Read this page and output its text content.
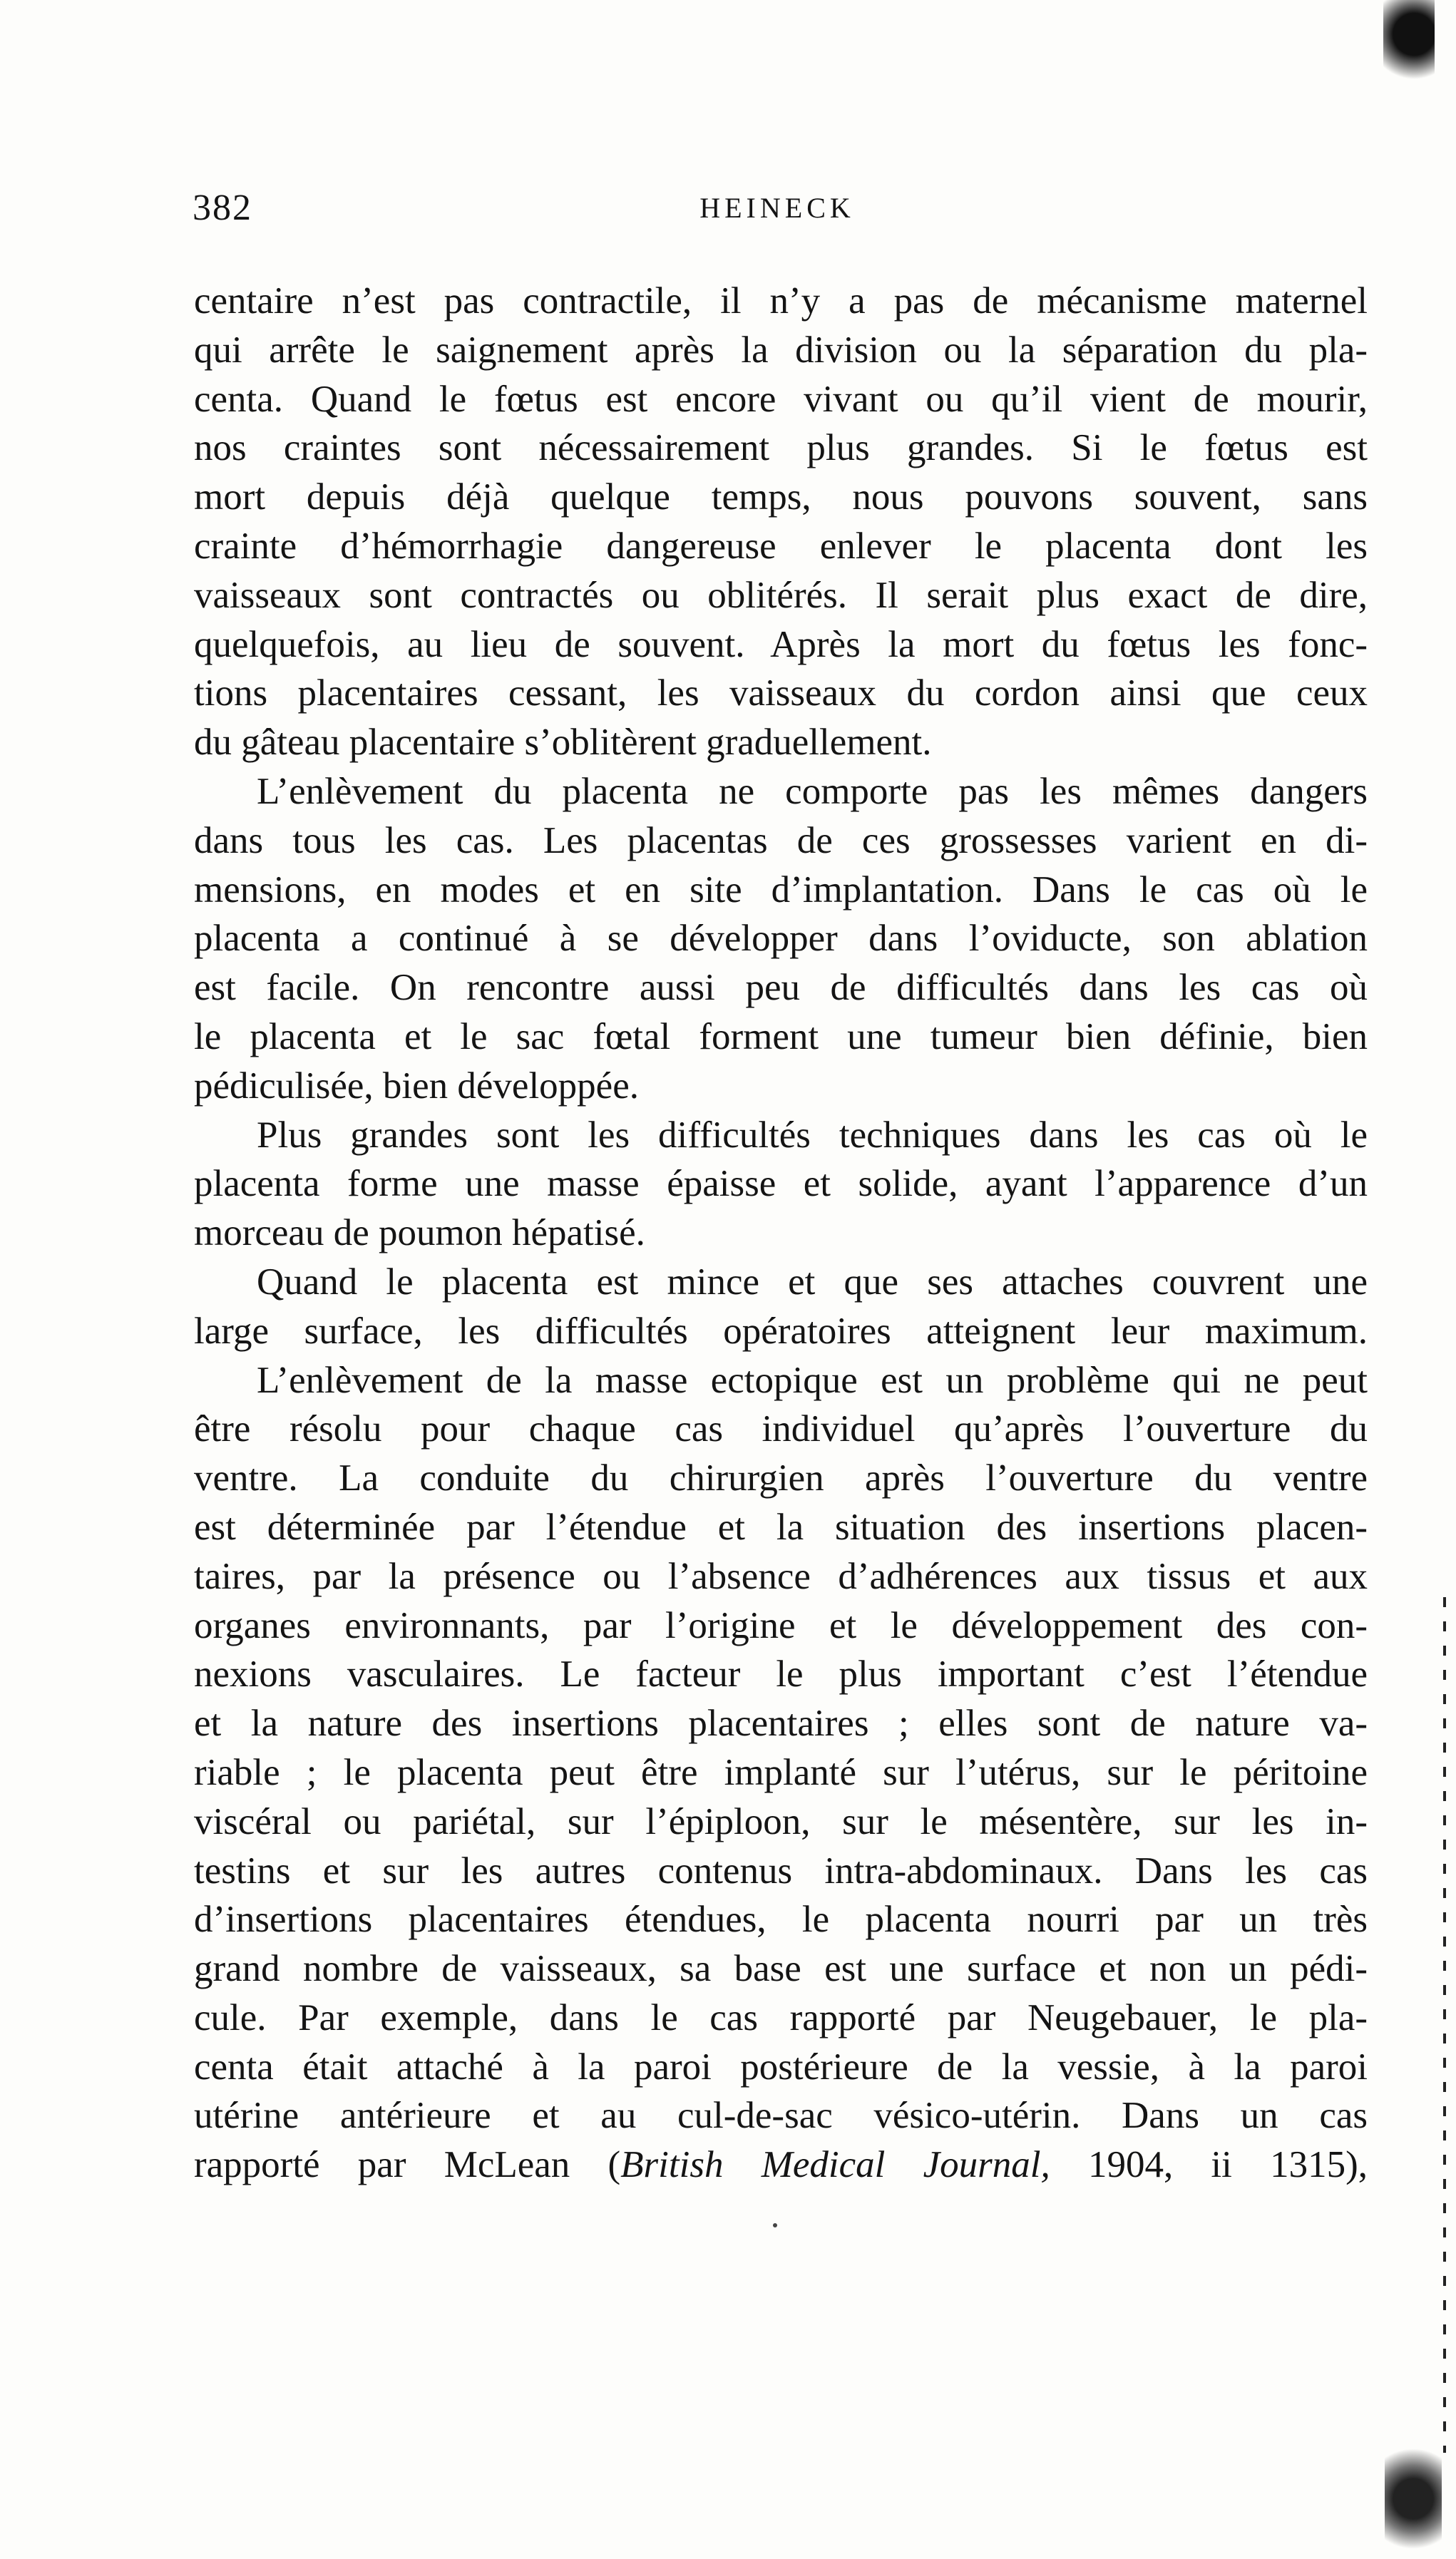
382	HEINECK
centaire n’est pas contractile, il n’y a pas de mécanisme maternel
qui arrête le saignement après la division ou la séparation du pla-
centa. Quand le fœtus est encore vivant ou qu’il vient de mourir,
nos craintes sont nécessairement plus grandes. Si le fœtus est
mort depuis déjà quelque temps, nous pouvons souvent, sans
crainte d’hémorrhagie dangereuse enlever le placenta dont les
vaisseaux sont contractés ou oblitérés. Il serait plus exact de dire,
quelquefois, au lieu de souvent. Après la mort du fœtus les fonc-
tions placentaires cessant, les vaisseaux du cordon ainsi que ceux
du gâteau placentaire s’oblitèrent graduellement.
L’enlèvement du placenta ne comporte pas les mêmes dangers
dans tous les cas. Les placentas de ces grossesses varient en di-
mensions, en modes et en site d’implantation. Dans le cas où le
placenta a continué à se développer dans l’oviducte, son ablation
est facile. On rencontre aussi peu de difficultés dans les cas où
le placenta et le sac fœtal forment une tumeur bien définie, bien
pédiculisée, bien développée.
Plus grandes sont les difficultés techniques dans les cas où le
placenta forme une masse épaisse et solide, ayant l’apparence d’un
morceau de poumon hépatisé.
Quand le placenta est mince et que ses attaches couvrent une
large surface, les difficultés opératoires atteignent leur maximum.
L’enlèvement de la masse ectopique est un problème qui ne peut
être résolu pour chaque cas individuel qu’après l’ouverture du
ventre. La conduite du chirurgien après l’ouverture du ventre
est déterminée par l’étendue et la situation des insertions placen-
taires, par la présence ou l’absence d’adhérences aux tissus et aux
organes environnants, par l’origine et le développement des con-
nexions vasculaires. Le facteur le plus important c’est l’étendue
et la nature des insertions placentaires ; elles sont de nature va-
riable ; le placenta peut être implanté sur l’utérus, sur le péritoine
viscéral ou pariétal, sur l’épiploon, sur le mésentère, sur les in-
testins et sur les autres contenus intra-abdominaux. Dans les cas
d’insertions placentaires étendues, le placenta nourri par un très
grand nombre de vaisseaux, sa base est une surface et non un pédi-
cule. Par exemple, dans le cas rapporté par Neugebauer, le pla-
centa était attaché à la paroi postérieure de la vessie, à la paroi
utérine antérieure et au cul-de-sac vésico-utérin. Dans un cas
rapporté par McLean (British Medical Journal, 1904, ii 1315),
